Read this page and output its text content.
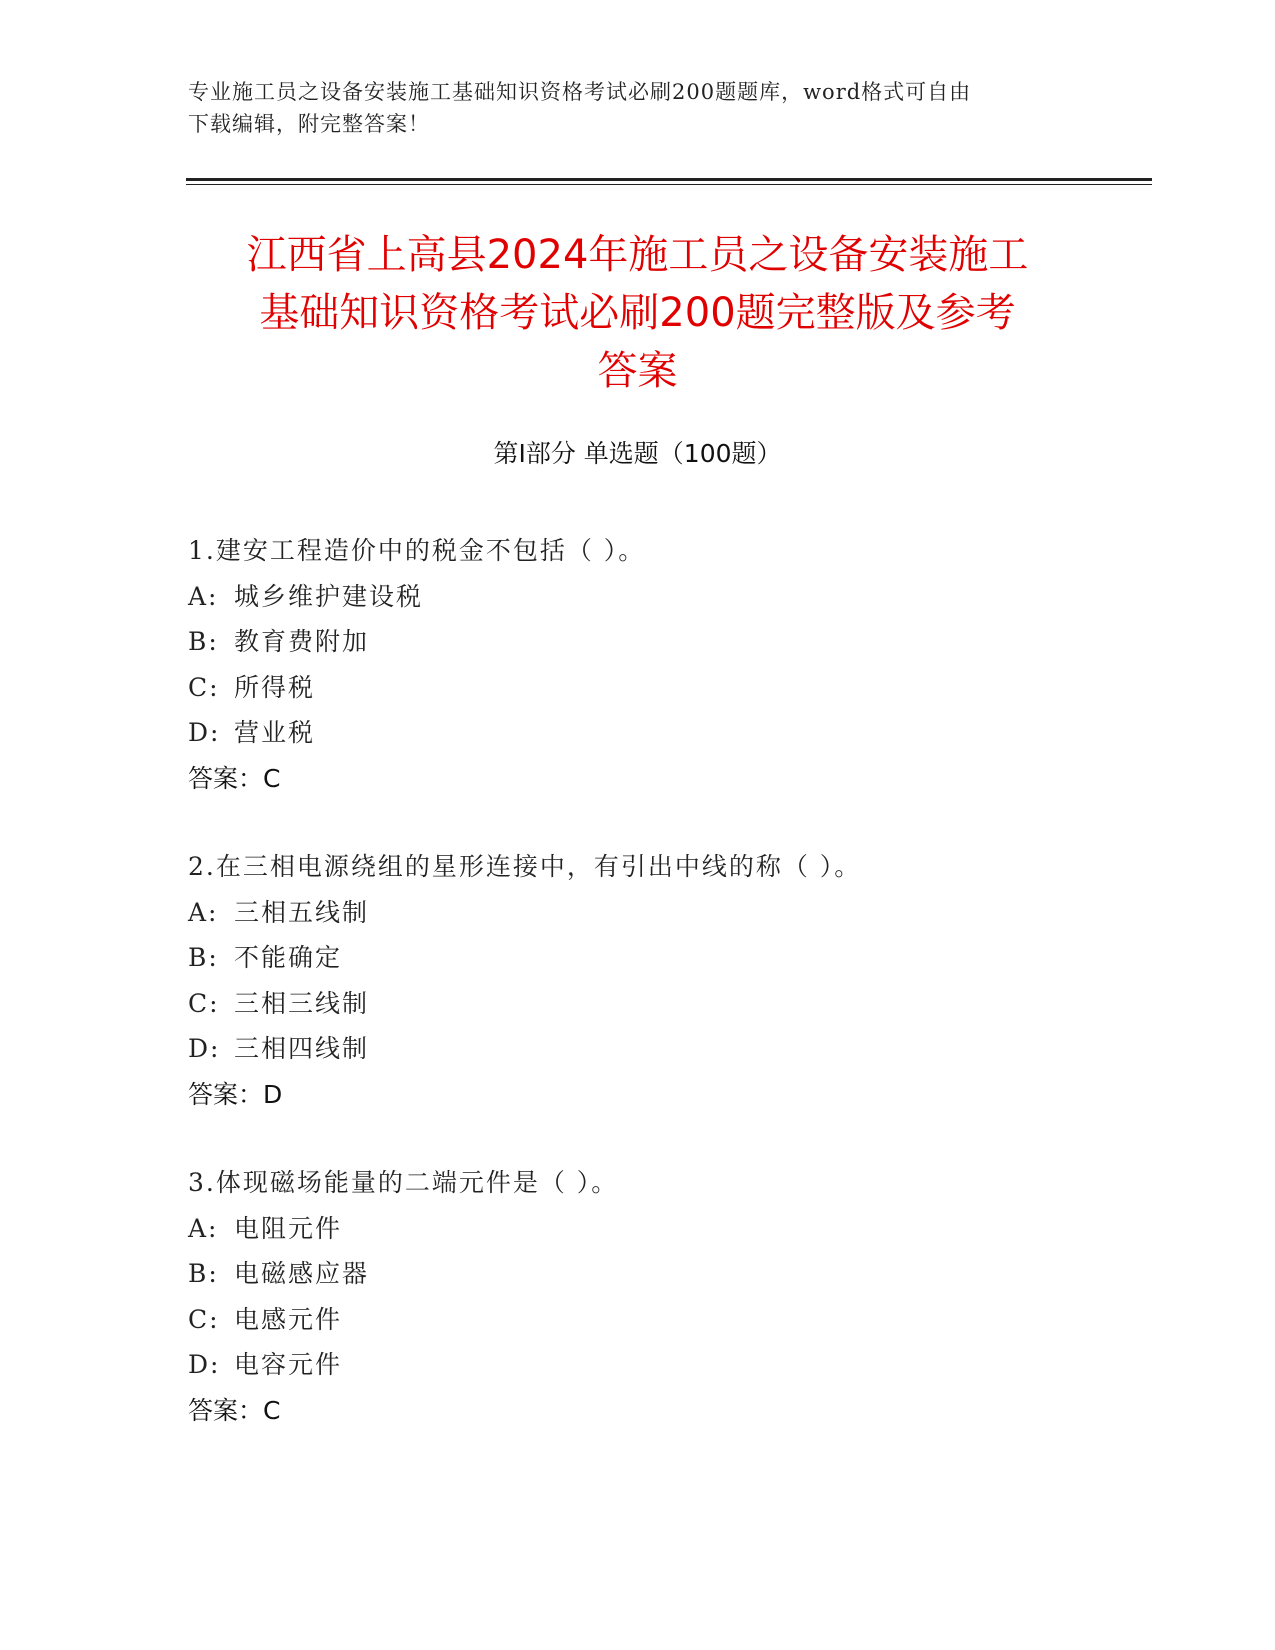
专业施工员之设备安装施工基础知识资格考试必刷200题题库，word格式可自由
下载编辑，附完整答案！
江西省上高县2024年施工员之设备安装施工
基础知识资格考试必刷200题完整版及参考
答案
第Ⅰ部分 单选题（100题）
1.建安工程造价中的税金不包括（ ）。
A: 城乡维护建设税
B: 教育费附加
C: 所得税
D: 营业税
答案：C
2.在三相电源绕组的星形连接中，有引出中线的称（ ）。
A: 三相五线制
B: 不能确定
C: 三相三线制
D: 三相四线制
答案：D
3.体现磁场能量的二端元件是（ ）。
A: 电阻元件
B: 电磁感应器
C: 电感元件
D: 电容元件
答案：C
